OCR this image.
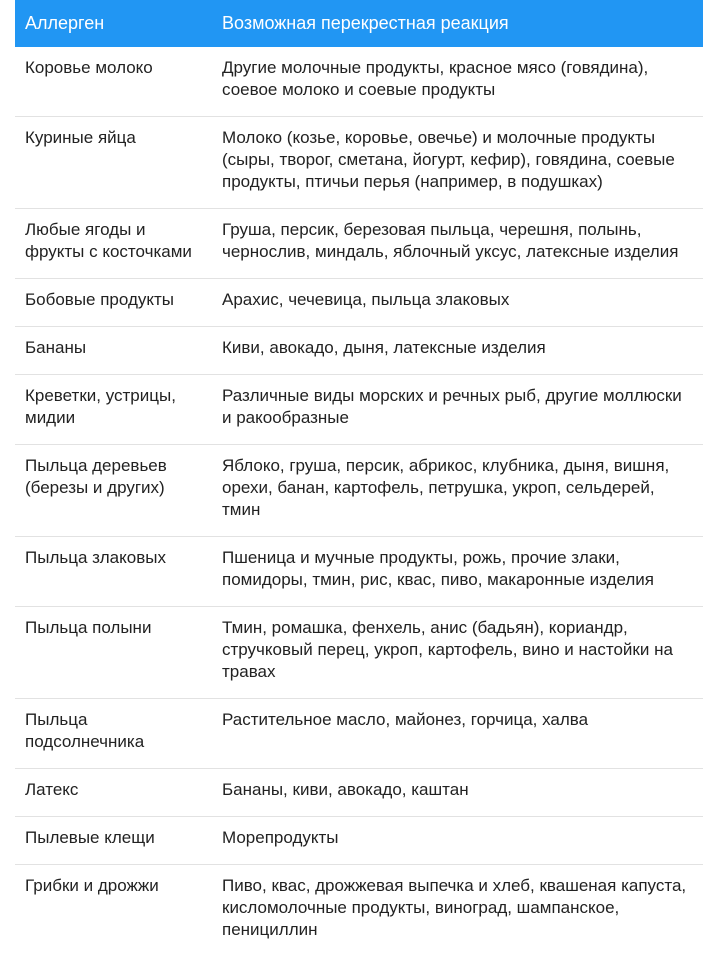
Аллерген	Возможная перекрестная реакция
Коровье молоко	Другие молочные продукты, красное мясо (говядина), соевое молоко и соевые продукты
Куриные яйца	Молоко (козье, коровье, овечье) и молочные продукты (сыры, творог, сметана, йогурт, кефир), говядина, соевые продукты, птичьи перья (например, в подушках)
Любые ягоды и фрукты с косточками	Груша, персик, березовая пыльца, черешня, полынь, чернослив, миндаль, яблочный уксус, латексные изделия
Бобовые продукты	Арахис, чечевица, пыльца злаковых
Бананы	Киви, авокадо, дыня, латексные изделия
Креветки, устрицы, мидии	Различные виды морских и речных рыб, другие моллюски и ракообразные
Пыльца деревьев (березы и других)	Яблоко, груша, персик, абрикос, клубника, дыня, вишня, орехи, банан, картофель, петрушка, укроп, сельдерей, тмин
Пыльца злаковых	Пшеница и мучные продукты, рожь, прочие злаки, помидоры, тмин, рис, квас, пиво, макаронные изделия
Пыльца полыни	Тмин, ромашка, фенхель, анис (бадьян), кориандр, стручковый перец, укроп, картофель, вино и настойки на травах
Пыльца подсолнечника	Растительное масло, майонез, горчица, халва
Латекс	Бананы, киви, авокадо, каштан
Пылевые клещи	Морепродукты
Грибки и дрожжи	Пиво, квас, дрожжевая выпечка и хлеб, квашеная капуста, кисломолочные продукты, виноград, шампанское, пенициллин
